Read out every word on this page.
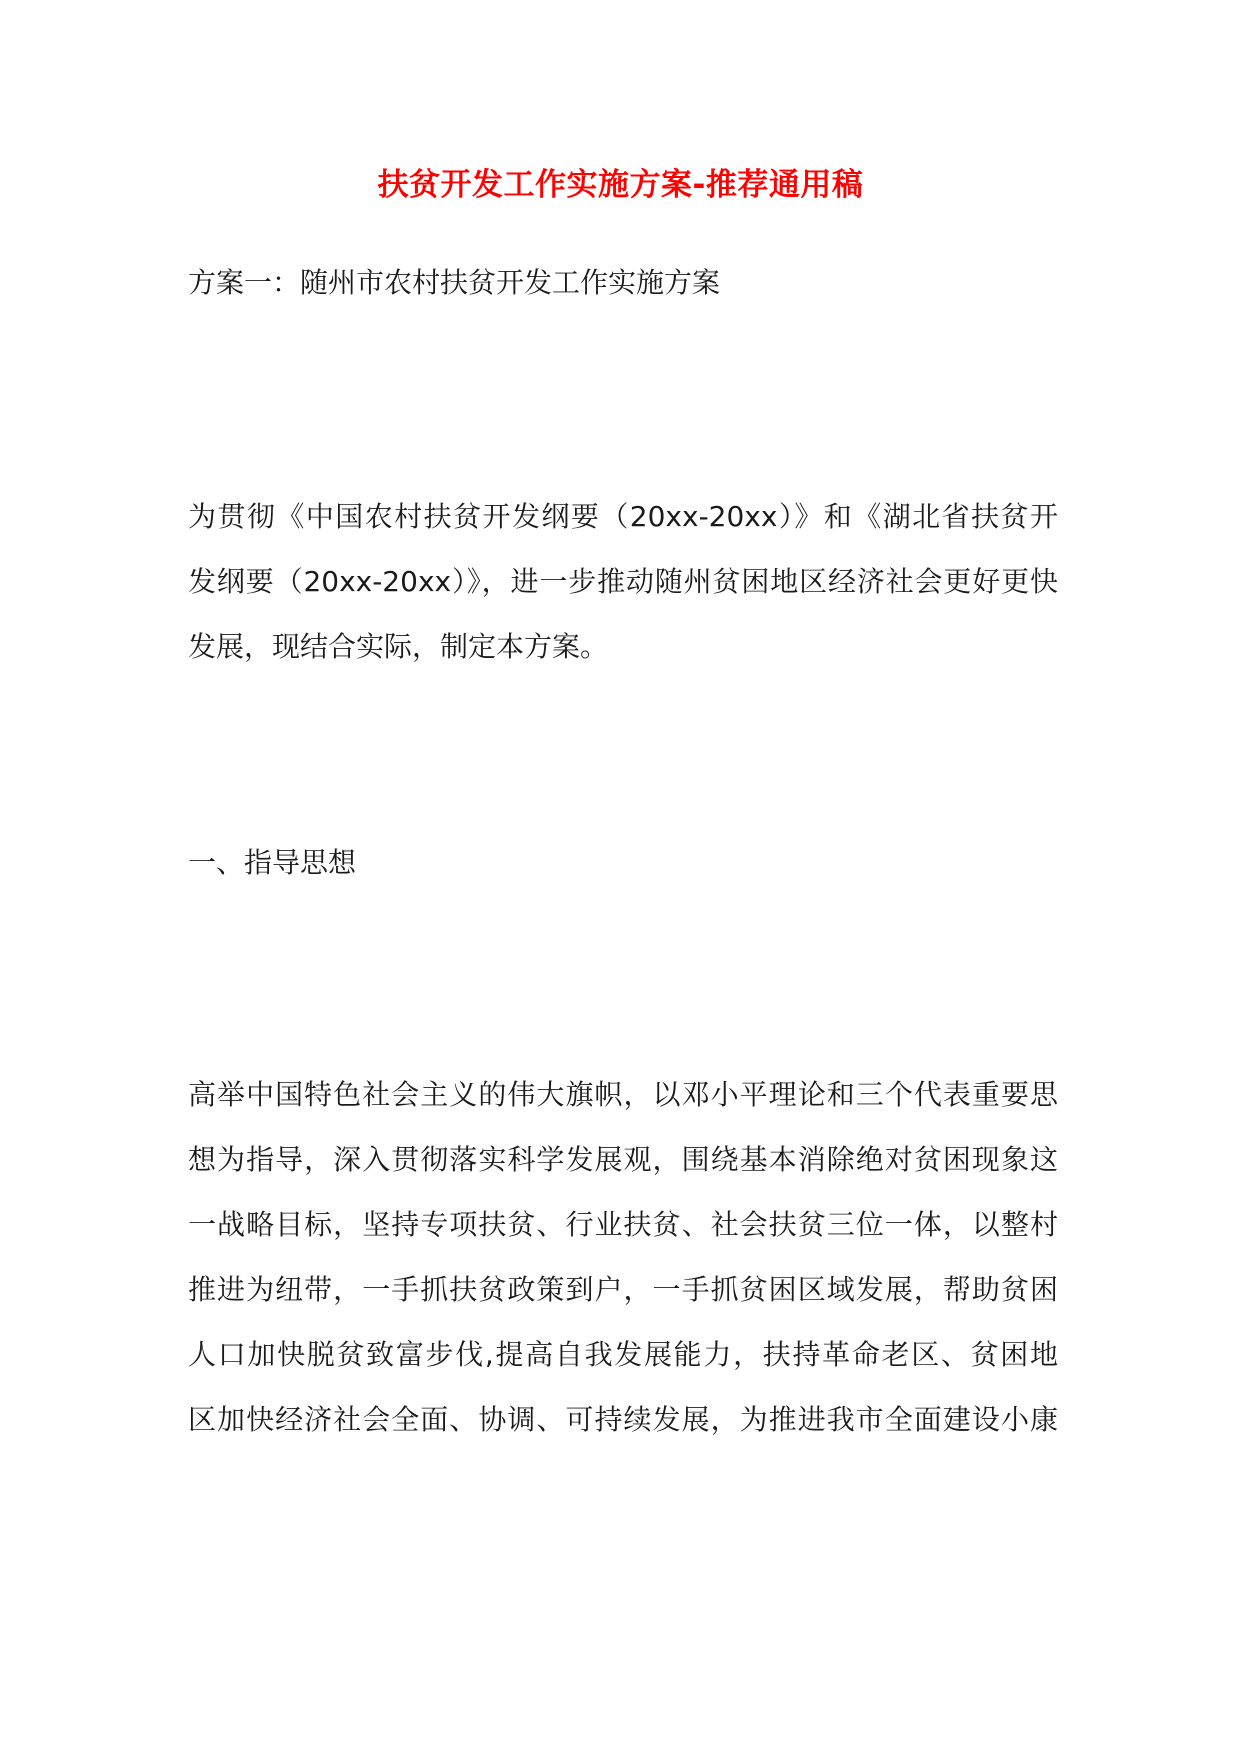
扶贫开发工作实施方案-推荐通用稿
方案一：随州市农村扶贫开发工作实施方案
为贯彻《中国农村扶贫开发纲要（20xx-20xx）》和《湖北省扶贫开
发纲要（20xx-20xx）》，进一步推动随州贫困地区经济社会更好更快
发展，现结合实际，制定本方案。
一、指导思想
高举中国特色社会主义的伟大旗帜，以邓小平理论和三个代表重要思
想为指导，深入贯彻落实科学发展观，围绕基本消除绝对贫困现象这
一战略目标，坚持专项扶贫、行业扶贫、社会扶贫三位一体，以整村
推进为纽带，一手抓扶贫政策到户，一手抓贫困区域发展，帮助贫困
人口加快脱贫致富步伐,提高自我发展能力，扶持革命老区、贫困地
区加快经济社会全面、协调、可持续发展，为推进我市全面建设小康
